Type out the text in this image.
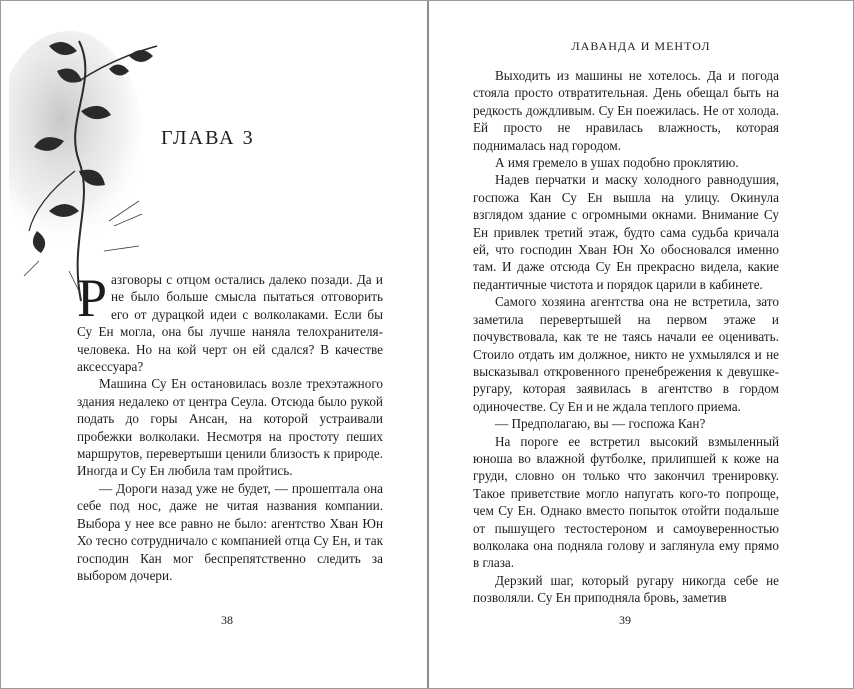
ГЛАВА 3

Разговоры с отцом остались далеко позади. Да и не было больше смысла пытаться отговорить его от дурацкой идеи с волколаками. Если бы Су Ен могла, она бы лучше наняла телохранителя-человека. Но на кой черт он ей сдался? В качестве аксессуара?

Машина Су Ен остановилась возле трехэтажного здания недалеко от центра Сеула. Отсюда было рукой подать до горы Ансан, на которой устраивали пробежки волколаки. Несмотря на простоту пеших маршрутов, перевертыши ценили близость к природе. Иногда и Су Ен любила там пройтись.

— Дороги назад уже не будет, — прошептала она себе под нос, даже не читая названия компании. Выбора у нее все равно не было: агентство Хван Юн Хо тесно сотрудничало с компанией отца Су Ен, и так господин Кан мог беспрепятственно следить за выбором дочери.

38
ЛАВАНДА И МЕНТОЛ

Выходить из машины не хотелось. Да и погода стояла просто отвратительная. День обещал быть на редкость дождливым. Су Ен поежилась. Не от холода. Ей просто не нравилась влажность, которая поднималась над городом.

А имя гремело в ушах подобно проклятию.

Надев перчатки и маску холодного равнодушия, госпожа Кан Су Ен вышла на улицу. Окинула взглядом здание с огромными окнами. Внимание Су Ен привлек третий этаж, будто сама судьба кричала ей, что господин Хван Юн Хо обосновался именно там. И даже отсюда Су Ен прекрасно видела, какие педантичные чистота и порядок царили в кабинете.

Самого хозяина агентства она не встретила, зато заметила перевертышей на первом этаже и почувствовала, как те не таясь начали ее оценивать. Стоило отдать им должное, никто не ухмылялся и не высказывал откровенного пренебрежения к девушке-ругару, которая заявилась в агентство в гордом одиночестве. Су Ен и не ждала теплого приема.

— Предполагаю, вы — госпожа Кан?

На пороге ее встретил высокий взмыленный юноша во влажной футболке, прилипшей к коже на груди, словно он только что закончил тренировку. Такое приветствие могло напугать кого-то попроще, чем Су Ен. Однако вместо попыток отойти подальше от пышущего тестостероном и самоуверенностью волколака она подняла голову и заглянула ему прямо в глаза.

Дерзкий шаг, который ругару никогда себе не позволяли. Су Ен приподняла бровь, заметив

39
